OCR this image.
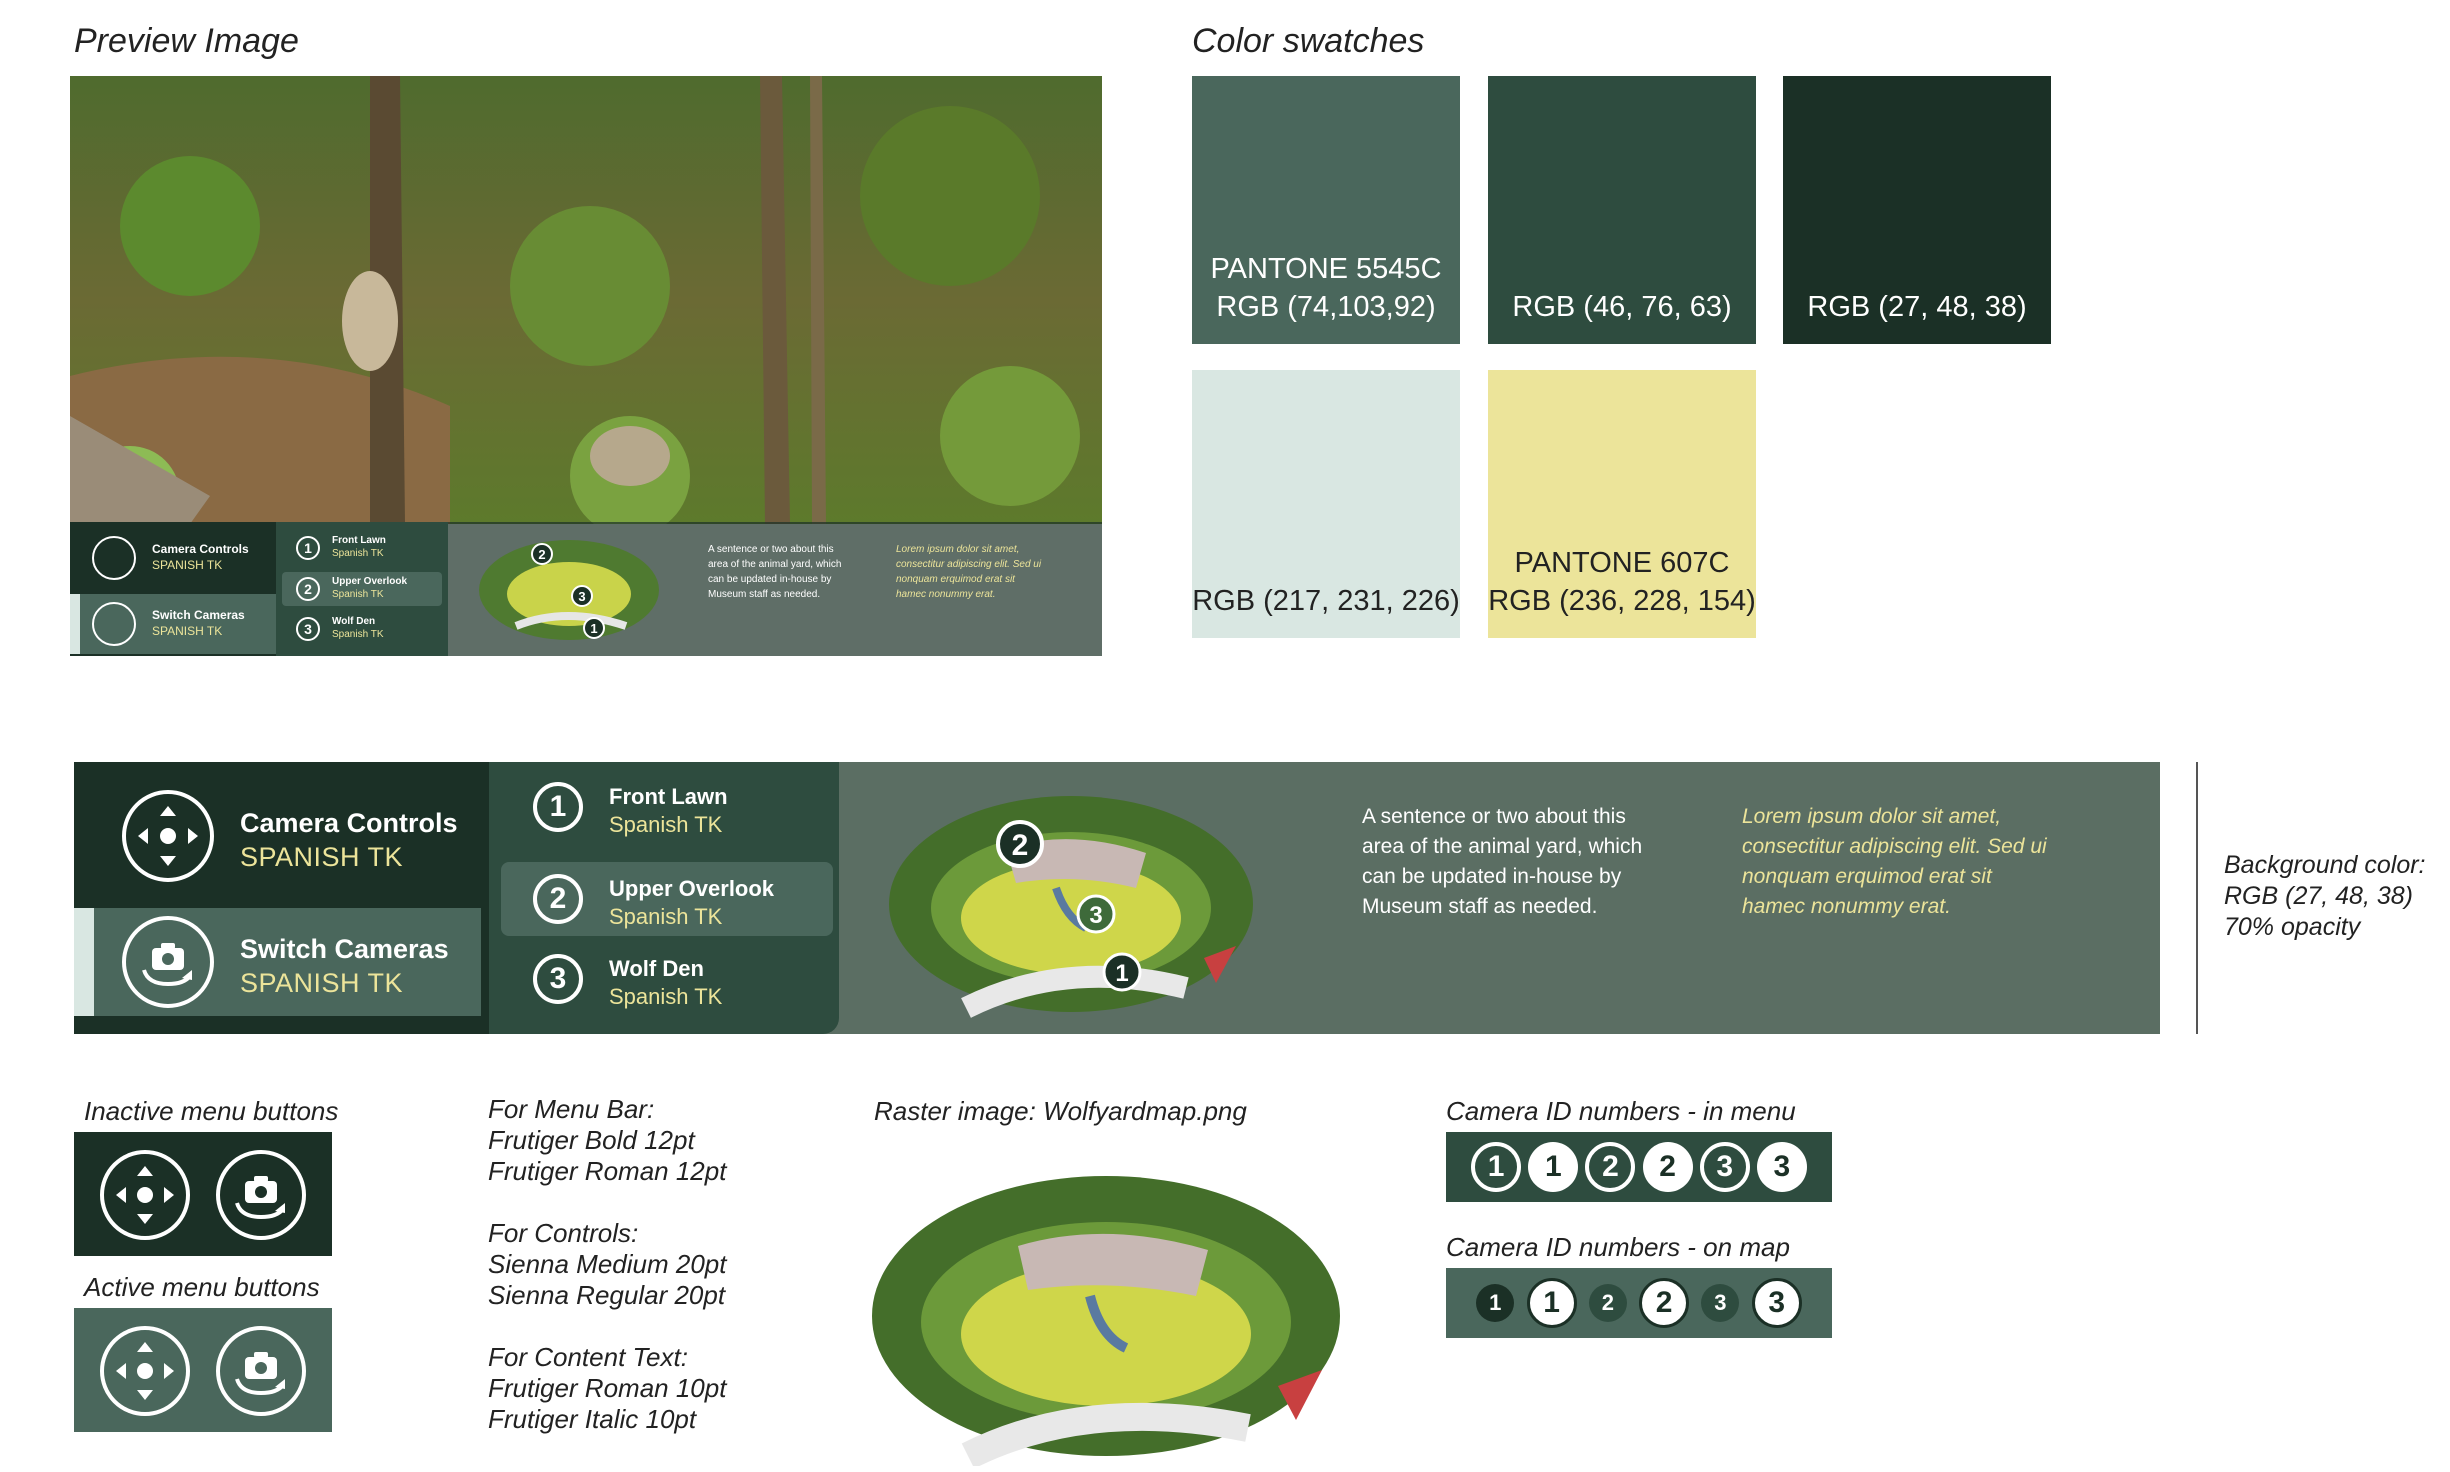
Preview Image	Color swatches
Camera Controls
SPANISH TK
Switch Cameras
SPANISH TK
1	Front Lawn
Spanish TK
2	Upper Overlook
Spanish TK
3	Wolf Den
Spanish TK
2
3
1
A sentence or two about this
area of the animal yard, which
can be updated in-house by
Museum staff as needed.
Lorem ipsum dolor sit amet,
consectitur adipiscing elit. Sed ui
nonquam erquimod erat sit
hamec nonummy erat.
PANTONE 5545C
RGB (74,103,92)	RGB (46, 76, 63)	RGB (27, 48, 38)
RGB (217, 231, 226)
PANTONE 607C
RGB (236, 228, 154)
Camera Controls
SPANISH TK
Switch Cameras
SPANISH TK
1	Front Lawn
Spanish TK
2	Upper Overlook
Spanish TK
3	Wolf Den
Spanish TK
2
3
1
A sentence or two about this
area of the animal yard, which
can be updated in-house by
Museum staff as needed.
Lorem ipsum dolor sit amet,
consectitur adipiscing elit. Sed ui
nonquam erquimod erat sit
hamec nonummy erat.
Background color:
RGB (27, 48, 38)
70% opacity
Inactive menu buttons
Active menu buttons
For Menu Bar:
Frutiger Bold 12pt
Frutiger Roman 12pt
For Controls:
Sienna Medium 20pt
Sienna Regular 20pt
For Content Text:
Frutiger Roman 10pt
Frutiger Italic 10pt
Raster image: Wolfyardmap.png	Camera ID numbers - in menu
1	1	2	2	3	3
Camera ID numbers - on map
1	1	2	2	3	3
